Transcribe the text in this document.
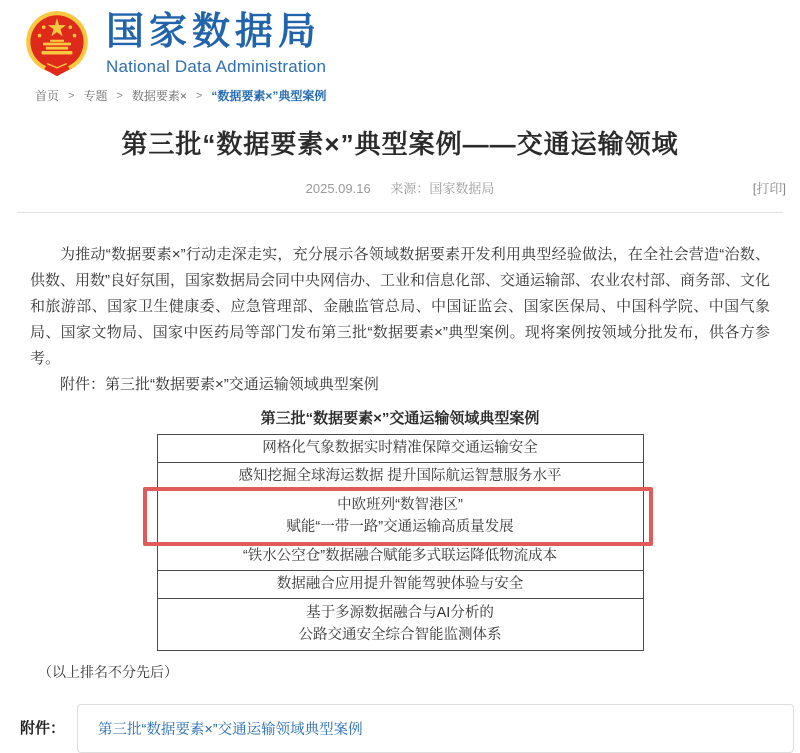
国家数据局
National Data Administration
首页 > 专题 > 数据要素× > “数据要素×”典型案例
第三批“数据要素×”典型案例——交通运输领域
2025.09.16 来源：国家数据局	[打印]

为推动“数据要素×”行动走深走实，充分展示各领域数据要素开发利用典型经验做法，在全社会营造“治数、供数、用数”良好氛围，国家数据局会同中央网信办、工业和信息化部、交通运输部、农业农村部、商务部、文化和旅游部、国家卫生健康委、应急管理部、金融监管总局、中国证监会、国家医保局、中国科学院、中国气象局、国家文物局、国家中医药局等部门发布第三批“数据要素×”典型案例。现将案例按领域分批发布，供各方参考。

附件：第三批“数据要素×”交通运输领域典型案例

第三批“数据要素×”交通运输领域典型案例
网格化气象数据实时精准保障交通运输安全
感知挖掘全球海运数据 提升国际航运智慧服务水平
中欧班列“数智港区”
赋能“一带一路”交通运输高质量发展
“铁水公空仓”数据融合赋能多式联运降低物流成本
数据融合应用提升智能驾驶体验与安全
基于多源数据融合与AI分析的
公路交通安全综合智能监测体系
（以上排名不分先后）
附件：	第三批“数据要素×”交通运输领域典型案例
